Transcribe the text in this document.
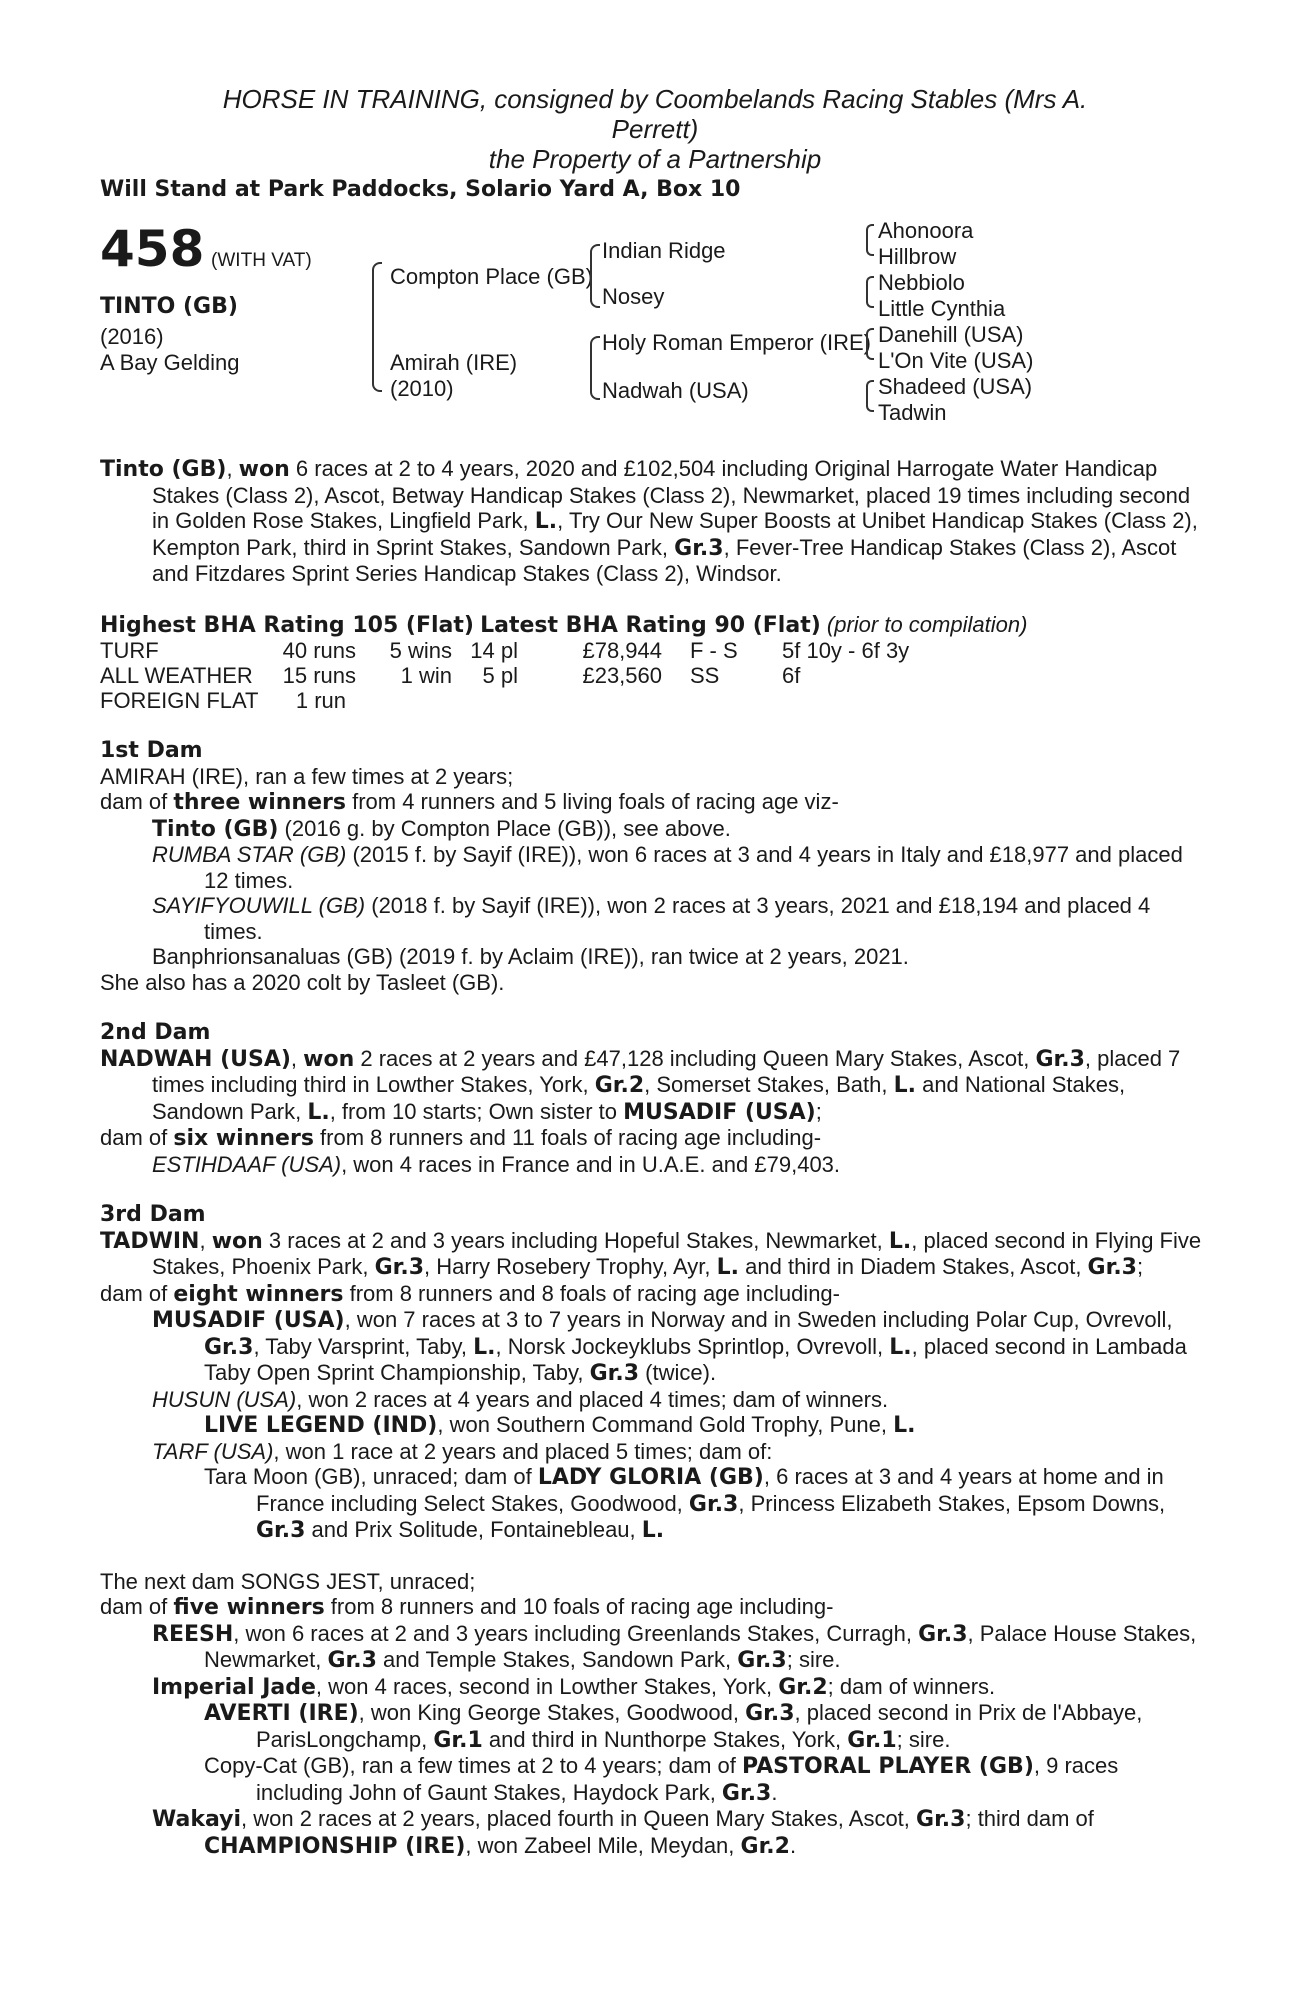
HORSE IN TRAINING, consigned by Coombelands Racing Stables (Mrs A.
Perrett)
the Property of a Partnership
Will Stand at Park Paddocks, Solario Yard A, Box 10
458 (WITH VAT)
TINTO (GB)
(2016)
A Bay Gelding
Compton Place (GB)
Amirah (IRE)
(2010)
Indian Ridge
Nosey
Holy Roman Emperor (IRE)
Nadwah (USA)
Ahonoora
Hillbrow
Nebbiolo
Little Cynthia
Danehill (USA)
L'On Vite (USA)
Shadeed (USA)
Tadwin

Tinto (GB), won 6 races at 2 to 4 years, 2020 and £102,504 including Original Harrogate Water Handicap Stakes (Class 2), Ascot, Betway Handicap Stakes (Class 2), Newmarket, placed 19 times including second in Golden Rose Stakes, Lingfield Park, L., Try Our New Super Boosts at Unibet Handicap Stakes (Class 2), Kempton Park, third in Sprint Stakes, Sandown Park, Gr.3, Fever-Tree Handicap Stakes (Class 2), Ascot and Fitzdares Sprint Series Handicap Stakes (Class 2), Windsor.

Highest BHA Rating 105 (Flat) Latest BHA Rating 90 (Flat) (prior to compilation)
TURF	40 runs	5 wins	14 pl	£78,944	F - S	5f 10y - 6f 3y
ALL WEATHER	15 runs	1 win	5 pl	£23,560	SS	6f
FOREIGN FLAT	1 run					
1st Dam

AMIRAH (IRE), ran a few times at 2 years;

dam of three winners from 4 runners and 5 living foals of racing age viz-

Tinto (GB) (2016 g. by Compton Place (GB)), see above.

RUMBA STAR (GB) (2015 f. by Sayif (IRE)), won 6 races at 3 and 4 years in Italy and £18,977 and placed 12 times.

SAYIFYOUWILL (GB) (2018 f. by Sayif (IRE)), won 2 races at 3 years, 2021 and £18,194 and placed 4 times.

Banphrionsanaluas (GB) (2019 f. by Aclaim (IRE)), ran twice at 2 years, 2021.

She also has a 2020 colt by Tasleet (GB).

2nd Dam

NADWAH (USA), won 2 races at 2 years and £47,128 including Queen Mary Stakes, Ascot, Gr.3, placed 7 times including third in Lowther Stakes, York, Gr.2, Somerset Stakes, Bath, L. and National Stakes, Sandown Park, L., from 10 starts; Own sister to MUSADIF (USA);

dam of six winners from 8 runners and 11 foals of racing age including-

ESTIHDAAF (USA), won 4 races in France and in U.A.E. and £79,403.

3rd Dam

TADWIN, won 3 races at 2 and 3 years including Hopeful Stakes, Newmarket, L., placed second in Flying Five Stakes, Phoenix Park, Gr.3, Harry Rosebery Trophy, Ayr, L. and third in Diadem Stakes, Ascot, Gr.3;

dam of eight winners from 8 runners and 8 foals of racing age including-

MUSADIF (USA), won 7 races at 3 to 7 years in Norway and in Sweden including Polar Cup, Ovrevoll, Gr.3, Taby Varsprint, Taby, L., Norsk Jockeyklubs Sprintlop, Ovrevoll, L., placed second in Lambada Taby Open Sprint Championship, Taby, Gr.3 (twice).

HUSUN (USA), won 2 races at 4 years and placed 4 times; dam of winners.

LIVE LEGEND (IND), won Southern Command Gold Trophy, Pune, L.

TARF (USA), won 1 race at 2 years and placed 5 times; dam of:

Tara Moon (GB), unraced; dam of LADY GLORIA (GB), 6 races at 3 and 4 years at home and in France including Select Stakes, Goodwood, Gr.3, Princess Elizabeth Stakes, Epsom Downs, Gr.3 and Prix Solitude, Fontainebleau, L.

The next dam SONGS JEST, unraced;

dam of five winners from 8 runners and 10 foals of racing age including-

REESH, won 6 races at 2 and 3 years including Greenlands Stakes, Curragh, Gr.3, Palace House Stakes, Newmarket, Gr.3 and Temple Stakes, Sandown Park, Gr.3; sire.

Imperial Jade, won 4 races, second in Lowther Stakes, York, Gr.2; dam of winners.

AVERTI (IRE), won King George Stakes, Goodwood, Gr.3, placed second in Prix de l'Abbaye, ParisLongchamp, Gr.1 and third in Nunthorpe Stakes, York, Gr.1; sire.

Copy-Cat (GB), ran a few times at 2 to 4 years; dam of PASTORAL PLAYER (GB), 9 races including John of Gaunt Stakes, Haydock Park, Gr.3.

Wakayi, won 2 races at 2 years, placed fourth in Queen Mary Stakes, Ascot, Gr.3; third dam of CHAMPIONSHIP (IRE), won Zabeel Mile, Meydan, Gr.2.
